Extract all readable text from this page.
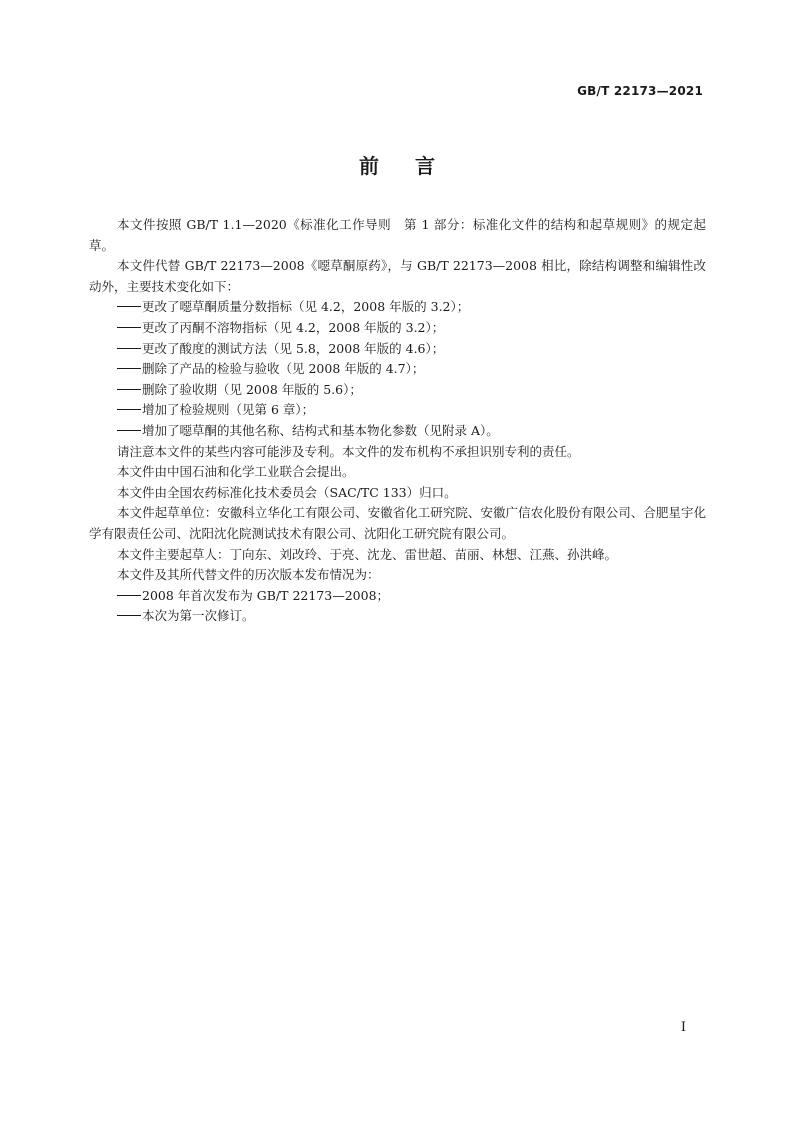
GB/T 22173—2021
前言

本文件按照 GB/T 1.1—2020《标准化工作导则　第 1 部分：标准化文件的结构和起草规则》的规定起草。

本文件代替 GB/T 22173—2008《噁草酮原药》，与 GB/T 22173—2008 相比，除结构调整和编辑性改动外，主要技术变化如下：

更改了噁草酮质量分数指标（见 4.2，2008 年版的 3.2）；

更改了丙酮不溶物指标（见 4.2，2008 年版的 3.2）；

更改了酸度的测试方法（见 5.8，2008 年版的 4.6）；

删除了产品的检验与验收（见 2008 年版的 4.7）；

删除了验收期（见 2008 年版的 5.6）；

增加了检验规则（见第 6 章）；

增加了噁草酮的其他名称、结构式和基本物化参数（见附录 A）。

请注意本文件的某些内容可能涉及专利。本文件的发布机构不承担识别专利的责任。

本文件由中国石油和化学工业联合会提出。

本文件由全国农药标准化技术委员会（SAC/TC 133）归口。

本文件起草单位：安徽科立华化工有限公司、安徽省化工研究院、安徽广信农化股份有限公司、合肥星宇化学有限责任公司、沈阳沈化院测试技术有限公司、沈阳化工研究院有限公司。

本文件主要起草人：丁向东、刘改玲、于亮、沈龙、雷世超、苗丽、林想、江燕、孙洪峰。

本文件及其所代替文件的历次版本发布情况为：

2008 年首次发布为 GB/T 22173—2008；

本次为第一次修订。

I
